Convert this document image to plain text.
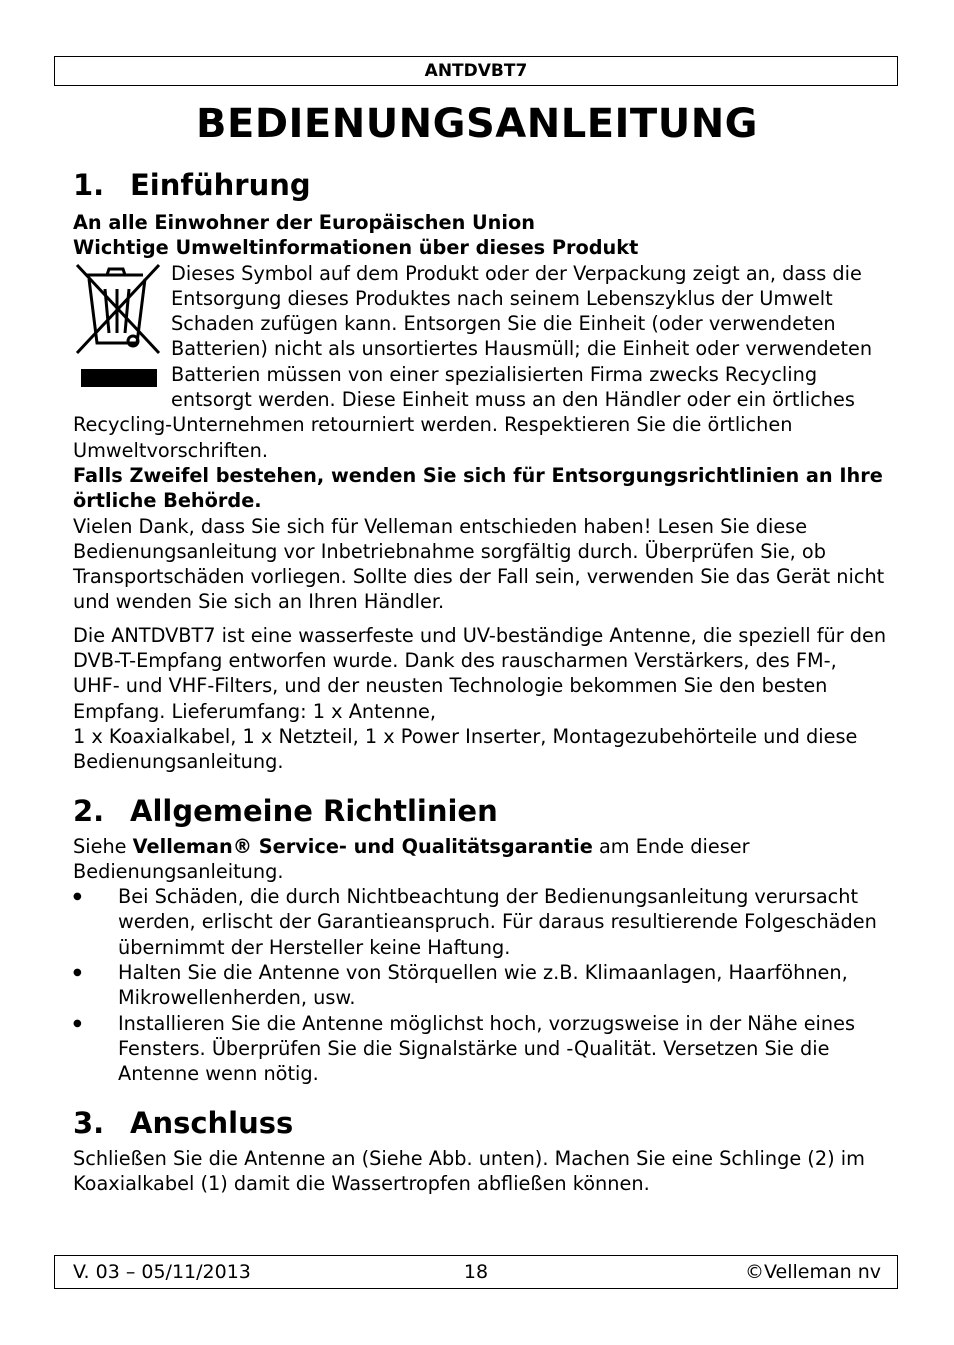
ANTDVBT7
BEDIENUNGSANLEITUNG
1. Einführung

An alle Einwohner der Europäischen Union

Wichtige Umweltinformationen über dieses Produkt

Dieses Symbol auf dem Produkt oder der Verpackung zeigt an, dass die Entsorgung dieses Produktes nach seinem Lebenszyklus der Umwelt Schaden zufügen kann. Entsorgen Sie die Einheit (oder verwendeten Batterien) nicht als unsortiertes Hausmüll; die Einheit oder verwendeten Batterien müssen von einer spezialisierten Firma zwecks Recycling entsorgt werden. Diese Einheit muss an den Händler oder ein örtliches Recycling-Unternehmen retourniert werden. Respektieren Sie die örtlichen Umweltvorschriften.

Falls Zweifel bestehen, wenden Sie sich für Entsorgungsrichtlinien an Ihre örtliche Behörde.

Vielen Dank, dass Sie sich für Velleman entschieden haben! Lesen Sie diese Bedienungsanleitung vor Inbetriebnahme sorgfältig durch. Überprüfen Sie, ob Transportschäden vorliegen. Sollte dies der Fall sein, verwenden Sie das Gerät nicht und wenden Sie sich an Ihren Händler.

Die ANTDVBT7 ist eine wasserfeste und UV-beständige Antenne, die speziell für den DVB-T-Empfang entworfen wurde. Dank des rauscharmen Verstärkers, des FM-, UHF- und VHF-Filters, und der neusten Technologie bekommen Sie den besten Empfang. Lieferumfang: 1 x Antenne,
1 x Koaxialkabel, 1 x Netzteil, 1 x Power Inserter, Montagezubehörteile und diese Bedienungsanleitung.

2. Allgemeine Richtlinien

Siehe Velleman® Service- und Qualitätsgarantie am Ende dieser Bedienungsanleitung.

● Bei Schäden, die durch Nichtbeachtung der Bedienungsanleitung verursacht werden, erlischt der Garantieanspruch. Für daraus resultierende Folgeschäden übernimmt der Hersteller keine Haftung.
● Halten Sie die Antenne von Störquellen wie z.B. Klimaanlagen, Haarföhnen, Mikrowellenherden, usw.
● Installieren Sie die Antenne möglichst hoch, vorzugsweise in der Nähe eines Fensters. Überprüfen Sie die Signalstärke und -Qualität. Versetzen Sie die Antenne wenn nötig.
3. Anschluss

Schließen Sie die Antenne an (Siehe Abb. unten). Machen Sie eine Schlinge (2) im Koaxialkabel (1) damit die Wassertropfen abfließen können.

18
V. 03 – 05/11/2013	©Velleman nv
